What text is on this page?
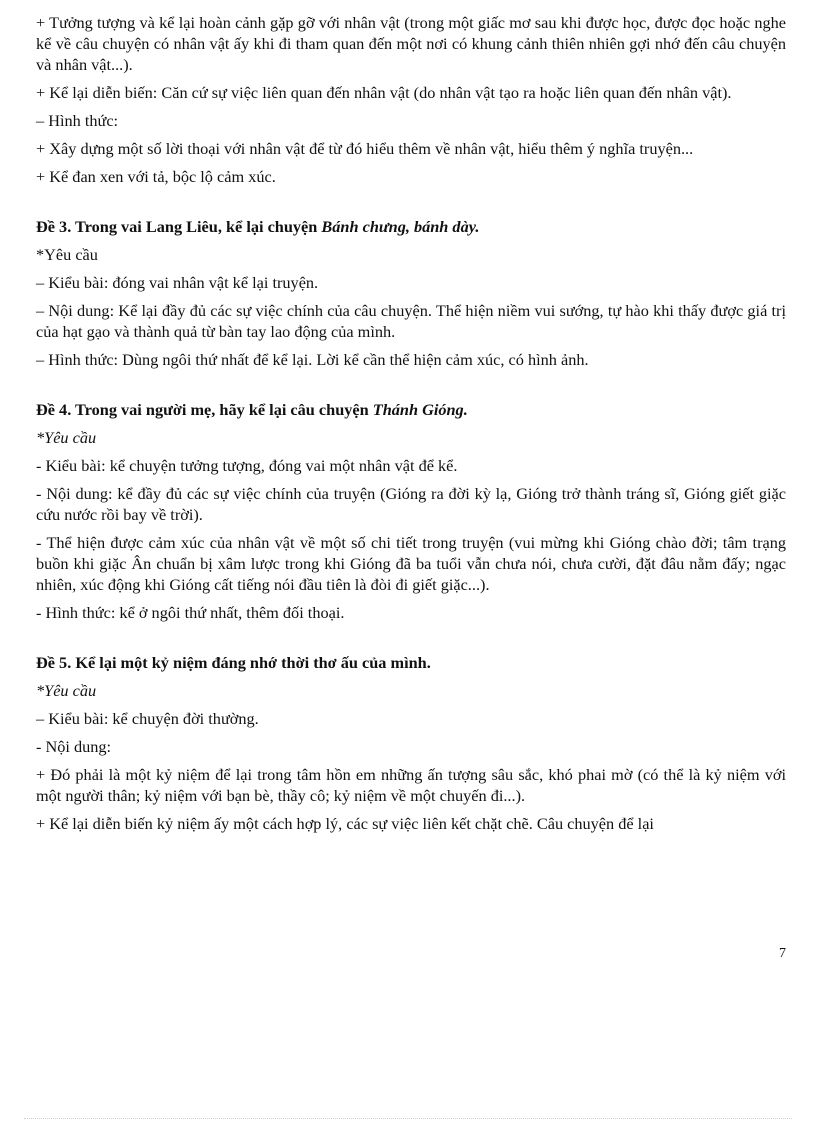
+ Tưởng tượng và kể lại hoàn cảnh gặp gỡ với nhân vật (trong một giấc mơ sau khi được học, được đọc hoặc nghe kể về câu chuyện có nhân vật ấy khi đi tham quan đến một nơi có khung cảnh thiên nhiên gợi nhớ đến câu chuyện và nhân vật...).

+ Kể lại diễn biến: Căn cứ sự việc liên quan đến nhân vật (do nhân vật tạo ra hoặc liên quan đến nhân vật).

– Hình thức:

+ Xây dựng một số lời thoại với nhân vật để từ đó hiểu thêm về nhân vật, hiểu thêm ý nghĩa truyện...

+ Kể đan xen với tả, bộc lộ cảm xúc.

Đề 3. Trong vai Lang Liêu, kể lại chuyện Bánh chưng, bánh dày.

*Yêu cầu

– Kiểu bài: đóng vai nhân vật kể lại truyện.

– Nội dung: Kể lại đầy đủ các sự việc chính của câu chuyện. Thể hiện niềm vui sướng, tự hào khi thấy được giá trị của hạt gạo và thành quả từ bàn tay lao động của mình.

– Hình thức: Dùng ngôi thứ nhất để kể lại. Lời kể cần thể hiện cảm xúc, có hình ảnh.

Đề 4. Trong vai người mẹ, hãy kể lại câu chuyện Thánh Gióng.

*Yêu cầu

- Kiểu bài: kể chuyện tưởng tượng, đóng vai một nhân vật để kể.

- Nội dung: kể đầy đủ các sự việc chính của truyện (Gióng ra đời kỳ lạ, Gióng trở thành tráng sĩ, Gióng giết giặc cứu nước rồi bay về trời).

- Thể hiện được cảm xúc của nhân vật về một số chi tiết trong truyện (vui mừng khi Gióng chào đời; tâm trạng buồn khi giặc Ân chuẩn bị xâm lược trong khi Gióng đã ba tuổi vẫn chưa nói, chưa cười, đặt đâu nằm đấy; ngạc nhiên, xúc động khi Gióng cất tiếng nói đầu tiên là đòi đi giết giặc...).

- Hình thức: kể ở ngôi thứ nhất, thêm đối thoại.

Đề 5. Kể lại một kỷ niệm đáng nhớ thời thơ ấu của mình.

*Yêu cầu

– Kiểu bài: kể chuyện đời thường.

- Nội dung:

+ Đó phải là một kỷ niệm để lại trong tâm hồn em những ấn tượng sâu sắc, khó phai mờ (có thể là kỷ niệm với một người thân; kỷ niệm với bạn bè, thầy cô; kỷ niệm về một chuyến đi...).

+ Kể lại diễn biến kỷ niệm ấy một cách hợp lý, các sự việc liên kết chặt chẽ. Câu chuyện để lại

7
